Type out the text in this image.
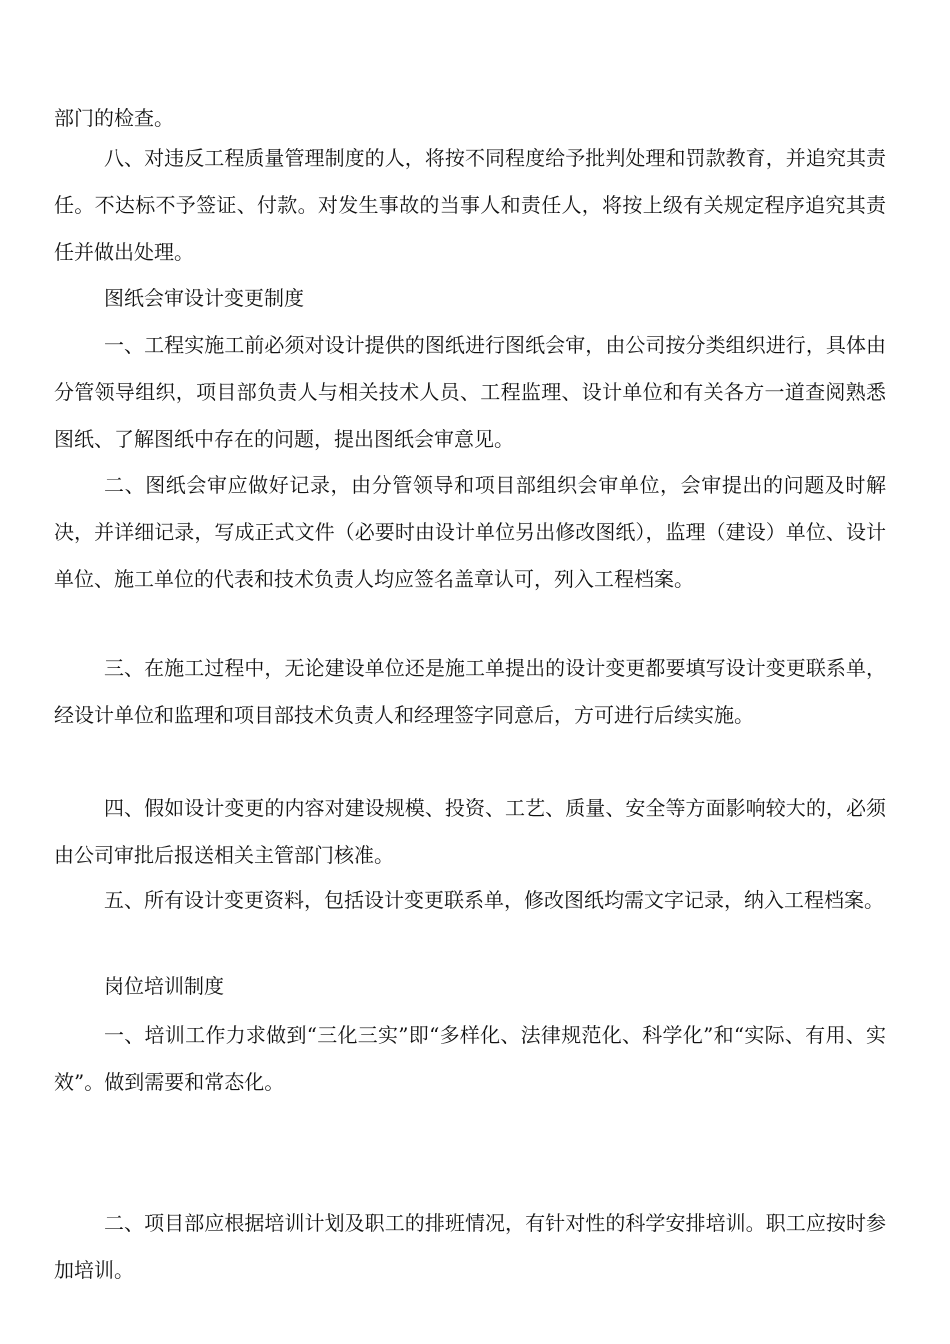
部门的检查。

八、对违反工程质量管理制度的人，将按不同程度给予批判处理和罚款教育，并追究其责任。不达标不予签证、付款。对发生事故的当事人和责任人，将按上级有关规定程序追究其责任并做出处理。

图纸会审设计变更制度

一、工程实施工前必须对设计提供的图纸进行图纸会审，由公司按分类组织进行，具体由分管领导组织，项目部负责人与相关技术人员、工程监理、设计单位和有关各方一道查阅熟悉图纸、了解图纸中存在的问题，提出图纸会审意见。

二、图纸会审应做好记录，由分管领导和项目部组织会审单位，会审提出的问题及时解决，并详细记录，写成正式文件（必要时由设计单位另出修改图纸），监理（建设）单位、设计单位、施工单位的代表和技术负责人均应签名盖章认可，列入工程档案。

三、在施工过程中，无论建设单位还是施工单提出的设计变更都要填写设计变更联系单，经设计单位和监理和项目部技术负责人和经理签字同意后，方可进行后续实施。

四、假如设计变更的内容对建设规模、投资、工艺、质量、安全等方面影响较大的，必须由公司审批后报送相关主管部门核准。

五、所有设计变更资料，包括设计变更联系单，修改图纸均需文字记录，纳入工程档案。

岗位培训制度

一、培训工作力求做到“三化三实”即“多样化、法律规范化、科学化”和“实际、有用、实效”。做到需要和常态化。

二、项目部应根据培训计划及职工的排班情况，有针对性的科学安排培训。职工应按时参加培训。
